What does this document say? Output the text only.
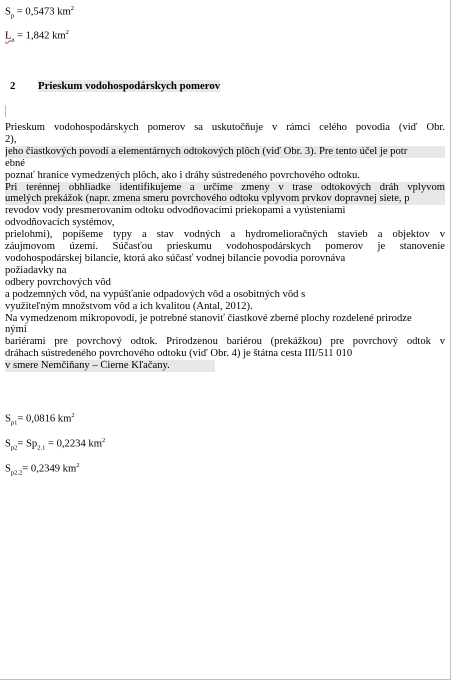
$S_p = 0,5473$ $km^2$
$L_a = 1,842$ $km^2$
2 Prieskum vodohospodárskych pomerov
Prieskum vodohospodárskych pomerov sa uskutočňuje v rámci celého povodia (viď Obr.
2),
jeho čiastkových povodí a elementárnych odtokových plôch (viď Obr. 3). Pre tento účel je potr
ebné
poznať hranice vymedzených plôch, ako i dráhy sústredeného povrchového odtoku.
Pri terénnej obhliadke identifikujeme a určíme zmeny v trase odtokových dráh vplyvom
umelých prekážok (napr. zmena smeru povrchového odtoku vplyvom prvkov dopravnej siete, p
revodov vody presmerovaním odtoku odvodňovacími priekopami a vyústeniami
odvodňovacích systémov,
prielohmi), popíšeme typy a stav vodných a hydromelioračných stavieb a objektov v
záujmovom území. Súčasťou prieskumu vodohospodárskych pomerov je stanovenie
vodohospodárskej bilancie, ktorá ako súčasť vodnej bilancie povodia porovnáva
požiadavky na
odbery povrchových vôd
a podzemných vôd, na vypúšťanie odpadových vôd a osobitných vôd s
využiteľným množstvom vôd a ich kvalitou (Antal, 2012).
Na vymedzenom mikropovodí, je potrebné stanoviť čiastkové zberné plochy rozdelené prirodze
nými
bariérami pre povrchový odtok. Prirodzenou bariérou (prekážkou) pre povrchový odtok v
dráhach sústredeného povrchového odtoku (viď Obr. 4) je štátna cesta III/511 010
v smere Nemčiňany – Čierne Kľačany.
$S_{p1}= 0,0816$ $km^2$
$S_{p2}= Sp_{2.1} = 0,2234$ $km^2$
$S_{p2.2}= 0,2349$ $km^2$
